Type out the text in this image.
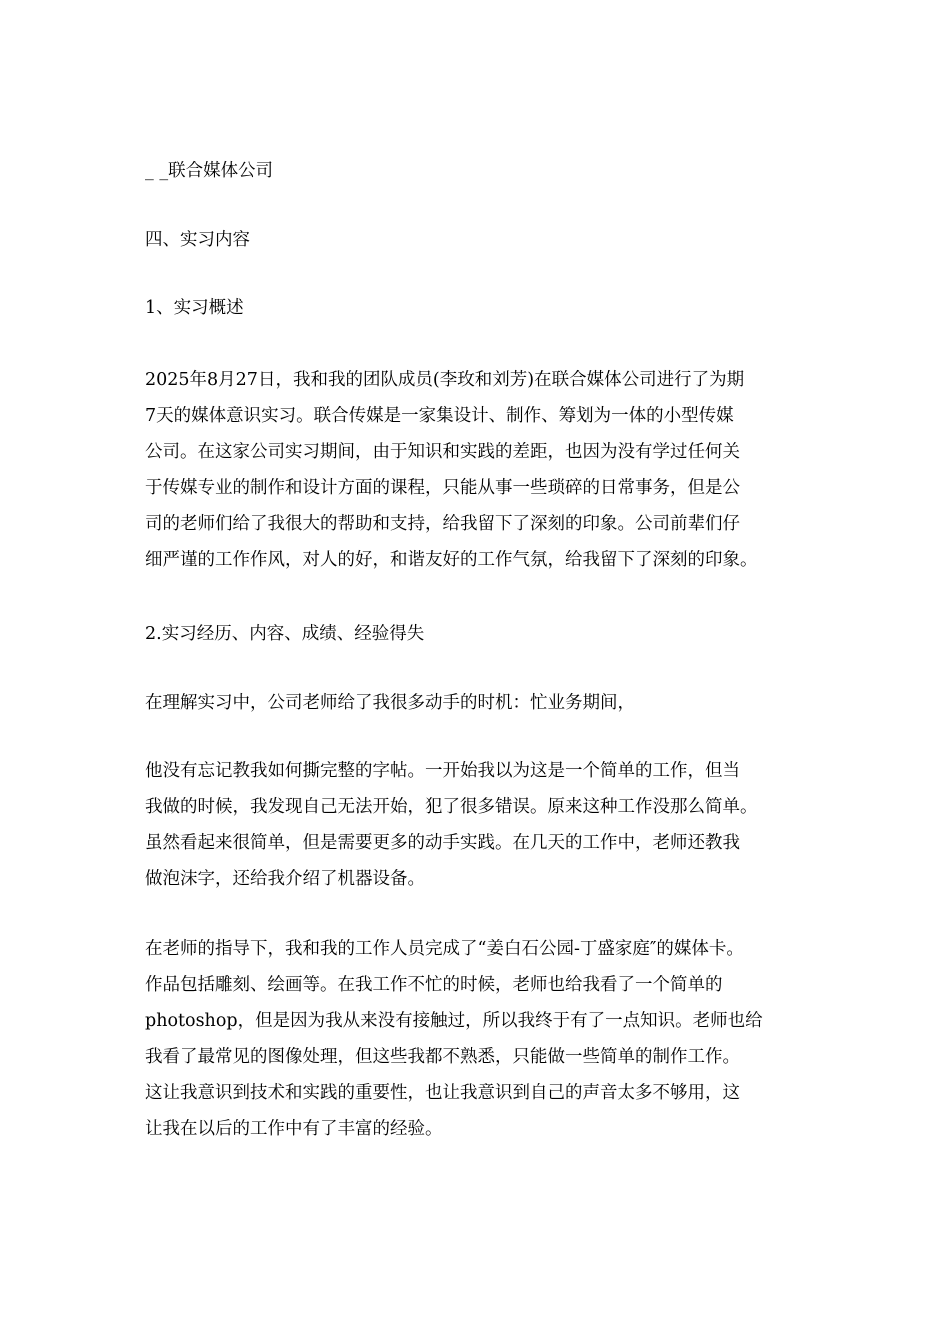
_ _联合媒体公司

四、实习内容

1、实习概述

2025年8月27日，我和我的团队成员(李玫和刘芳)在联合媒体公司进行了为期
7天的媒体意识实习。联合传媒是一家集设计、制作、筹划为一体的小型传媒
公司。在这家公司实习期间，由于知识和实践的差距，也因为没有学过任何关
于传媒专业的制作和设计方面的课程，只能从事一些琐碎的日常事务，但是公
司的老师们给了我很大的帮助和支持，给我留下了深刻的印象。公司前辈们仔
细严谨的工作作风，对人的好，和谐友好的工作气氛，给我留下了深刻的印象。

2.实习经历、内容、成绩、经验得失

在理解实习中，公司老师给了我很多动手的时机：忙业务期间，

他没有忘记教我如何撕完整的字帖。一开始我以为这是一个简单的工作，但当
我做的时候，我发现自己无法开始，犯了很多错误。原来这种工作没那么简单。
虽然看起来很简单，但是需要更多的动手实践。在几天的工作中，老师还教我
做泡沫字，还给我介绍了机器设备。

在老师的指导下，我和我的工作人员完成了“姜白石公园-丁盛家庭″的媒体卡。
作品包括雕刻、绘画等。在我工作不忙的时候，老师也给我看了一个简单的
photoshop，但是因为我从来没有接触过，所以我终于有了一点知识。老师也给
我看了最常见的图像处理，但这些我都不熟悉，只能做一些简单的制作工作。
这让我意识到技术和实践的重要性，也让我意识到自己的声音太多不够用，这
让我在以后的工作中有了丰富的经验。
